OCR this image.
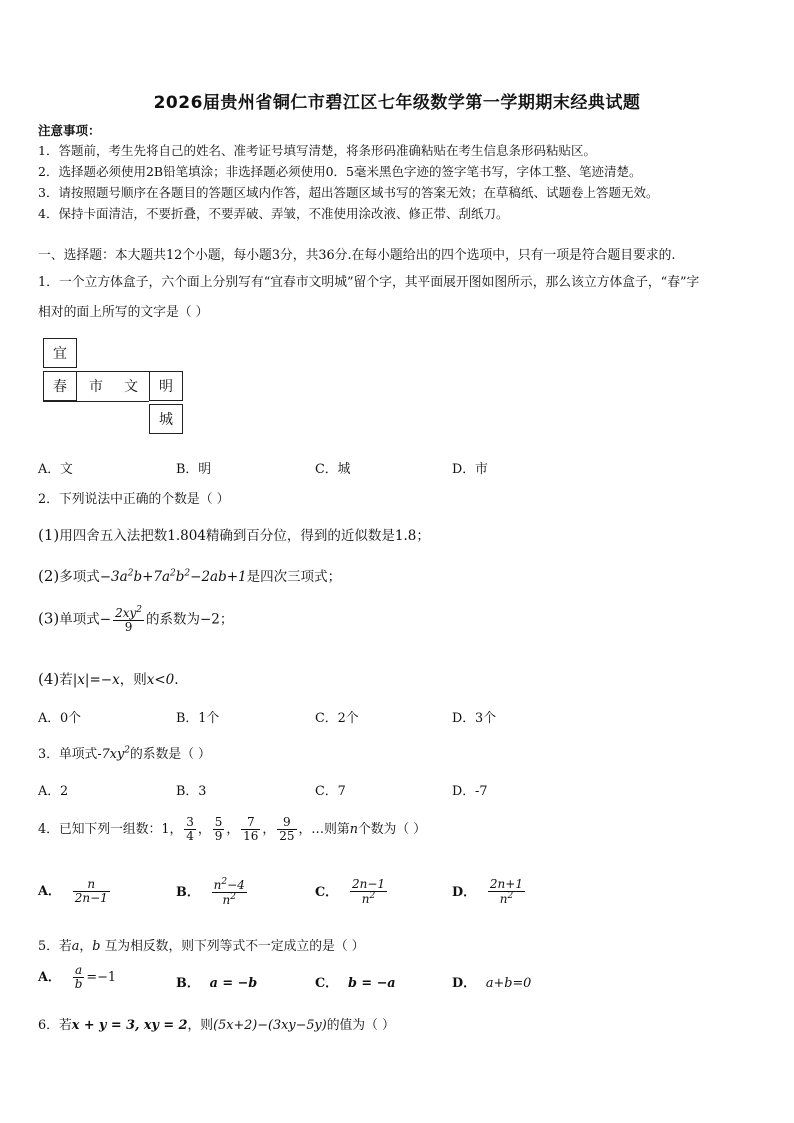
2026届贵州省铜仁市碧江区七年级数学第一学期期末经典试题
注意事项：
1．答题前，考生先将自己的姓名、准考证号填写清楚，将条形码准确粘贴在考生信息条形码粘贴区。
2．选择题必须使用2B铅笔填涂；非选择题必须使用0．5毫米黑色字迹的签字笔书写，字体工整、笔迹清楚。
3．请按照题号顺序在各题目的答题区域内作答，超出答题区域书写的答案无效；在草稿纸、试题卷上答题无效。
4．保持卡面清洁，不要折叠，不要弄破、弄皱，不准使用涂改液、修正带、刮纸刀。
一、选择题：本大题共12个小题，每小题3分，共36分.在每小题给出的四个选项中，只有一项是符合题目要求的.
1．一个立方体盒子，六个面上分别写有“宜春市文明城”留个字，其平面展开图如图所示，那么该立方体盒子，“春”字
相对的面上所写的文字是（ ）
宜
春	市	文	明
城
A．文	B．明	C．城	D．市
2．下列说法中正确的个数是（ ）
(1)用四舍五入法把数1.804精确到百分位，得到的近似数是1.8；
(2)多项式$-3a^2b+7a^2b^2-2ab+1$是四次三项式；
(3)单项式− $\frac{2xy^2}{9}$ 的系数为−2；
(4)若|x|=−x，则x<0.
A．0个	B．1个	C．2个	D．3个
3．单项式$-7xy^2$的系数是（ ）
A．2	B．3	C．7	D．-7
4．已知下列一组数：1， $\frac{3}{4}$ ， $\frac{5}{9}$ ， $\frac{7}{16}$ ， $\frac{9}{25}$ ，…则第n个数为（ ）
A． $\frac{n}{2n-1}$	B． $\frac{n^2-4}{n^2}$	C． $\frac{2n-1}{n^2}$	D． $\frac{2n+1}{n^2}$
5．若a，b 互为相反数，则下列等式不一定成立的是（ ）
A． $\frac{a}{b} =-1$	B． a = −b	C． b = −a	D． a+b=0
6．若x + y = 3, xy = 2，则(5x+2)−(3xy−5y)的值为（ ）
